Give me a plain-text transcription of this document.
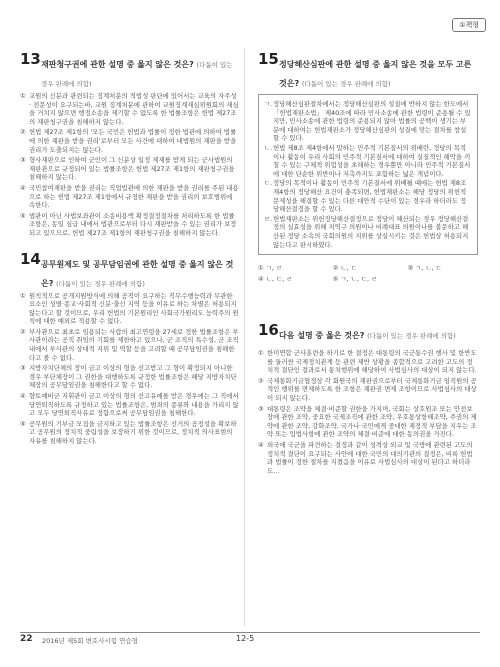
①책형
13 재판청구권에 관한 설명 중 옳지 않은 것은? (다툼이 있는 경우 판례에 의함)
① 교원의 신분과 관련되는 징계처분의 적법성 판단에 있어서는 교육의 자주성 · 전문성이 요구되는바, 교원 징계처분에 관하여 교원징계재심위원회의 재심을 거치지 않으면 행정소송을 제기할 수 없도록 한 법률조항은 헌법 제27조의 재판청구권을 침해하지 않는다.
② 헌법 제27조 제1항의 '모든 국민은 헌법과 법률이 정한 법관에 의하여 법률에 의한 재판을 받을 권리'로부터 모든 사건에 대하여 대법원의 재판을 받을 권리가 도출되지는 않는다.
③ 형사재판으로 인하여 군인이 그 신분상 일정 제재를 받게 되는 군사법원의 재판관으로 규정되어 있는 법률조항은 헌법 제27조 제1항의 재판청구권을 침해하지 않는다.
④ 국민참여재판을 받을 권리는 직업법관에 의한 재판을 받을 권리를 주된 내용으로 하는 헌법 제27조 제1항에서 규정한 재판을 받을 권리의 보호범위에 속한다.
⑤ 법관이 아닌 사법보좌관이 소송비용액 확정결정절차를 처리하도록 한 법률조항은, 동일 심급 내에서 법관으로부터 다시 재판받을 수 있는 권리가 보장되고 있으므로, 헌법 제27조 제1항의 재판청구권을 침해하지 않는다.
14 공무원제도 및 공무담임권에 관한 설명 중 옳지 않은 것은? (다툼이 있는 경우 판례에 의함)
① 원칙적으로 공개지원방식에 의해 공직이 요구하는 직무수행능력과 무관한 요소인 성별·종교·사회적 신분·출신 지역 등을 이유로 하는 차별은 허용되지 않는다고 할 것이므로, 우리 헌법의 기본원리인 사회국가원리도 능력주의 원칙에 대한 예외로 적용할 수 없다.
② 부사관으로 최초로 임용되는 사람의 최고연령을 27세로 정한 법률조항은 부사관이라는 공직 취임의 기회를 제한하고 있으나, 군 조직의 특수성, 군 조직 내에서 부사관의 상대적 지위 및 역할 등을 고려할 때 공무담임권을 침해한다고 볼 수 없다.
③ 지방자치단체의 장이 금고 이상의 형을 선고받고 그 형이 확정되지 아니한 경우 부단체장이 그 권한을 대행하도록 규정한 법률조항은 해당 지방자치단체장의 공무담임권을 침해한다고 할 수 없다.
④ 향토예비군 지휘관이 금고 이상의 형의 선고유예를 받은 경우에는 그 직에서 당연퇴직하도록 규정하고 있는 법률조항은, 범죄의 종류와 내용을 가리지 않고 모두 당연퇴직사유로 정함으로써 공무담임권을 침해한다.
⑤ 공무원의 기부금 모집을 금지하고 있는 법률조항은 선거의 공정성을 확보하고 공무원의 정치적 중립성을 보장하기 위한 것이므로, 정치적 의사표현의 자유를 침해하지 않는다.
15 정당해산심판에 관한 설명 중 옳지 않은 것을 모두 고른 것은? (다툼이 있는 경우 판례에 의함)
ㄱ. 정당해산심판절차에서는 정당해산심판의 성질에 반하지 않는 한도에서 「헌법재판소법」 제40조에 따라 민사소송에 관한 법령이 준용될 수 있지만, 민사소송에 관한 법령의 준용되지 않아 법률의 공백이 생기는 부분에 대하여는 헌법재판소가 정당해산심판의 성질에 맞는 절차를 창설할 수 있다.
ㄴ. 헌법 제8조 제4항에서 말하는 민주적 기본질서의 위배란, 정당의 목적이나 활동이 우리 사회의 민주적 기본질서에 대하여 실질적인 해악을 끼칠 수 있는 구체적 위험성을 초래하는 경우뿐만 아니라 민주적 기본질서에 대한 단순한 위반이나 저촉까지도 포함하는 넓은 개념이다.
ㄷ. 정당의 목적이나 활동이 민주적 기본질서에 위배될 때에는 헌법 제8조 제4항의 정당해산 요건이 충족되면, 헌법재판소는 해당 정당의 위헌적 문제성을 해결할 수 있는 다른 대안적 수단이 있는 경우라 하더라도 정당해산결정을 할 수 있다.
ㄹ. 헌법재판소는 위헌정당해산결정으로 정당이 해산되는 경우 정당해산결정의 실효성을 위해 지역구 의원이나 비례대표 의원이나를 불문하고 해산된 정당 소속의 국회의원의 지위를 상실시키는 것은 헌법상 허용되지 않는다고 판시하였다.
① ㄱ, ㄹ	② ㄴ, ㄷ	③ ㄱ, ㄴ, ㄷ
④ ㄴ, ㄷ, ㄹ	⑤ ㄱ, ㄴ, ㄷ, ㄹ
16 다음 설명 중 옳은 것은? (다툼이 있는 경우 판례에 의함)
① 한미연합 군사훈련을 하기로 한 결정은 대통령의 국군통수권 행사 및 한반도를 둘러싼 국제정치관계 등 관련 제반 상황을 종합적으로 고려한 고도의 정치적 결단인 결과로서 통치행위에 해당하여 사법심사의 대상이 되지 않는다.
② 국제통화기금협정상 각 회원국의 재판권으로부터 국제통화기금 임직원의 공적인 행위를 면제하도록 한 조항은 재판권 면제 조항이므로 사법심사의 대상이 되지 않는다.
③ 대통령은 조약을 체결·비준할 권한을 가지며, 국회는 상호원조 또는 안전보장에 관한 조약, 중요한 국제조직에 관한 조약, 우호통상항해조약, 주권의 제약에 관한 조약, 강화조약, 국가나 국민에게 중대한 재정적 부담을 지우는 조약 또는 입법사항에 관한 조약의 체결·비준에 대한 동의권을 가진다.
④ 외국에 국군을 파견하는 결정과 같이 성격상 외교 및 국방에 관련된 고도의 정치적 결단이 요구되는 사안에 대한 국민의 대의기관의 결정은, 비록 헌법과 법률이 정한 절차를 지켰음을 이유로 사법심사의 대상이 된다고 하더라도...
22 2016년 제5회 변호사시험 연습형	12-5
